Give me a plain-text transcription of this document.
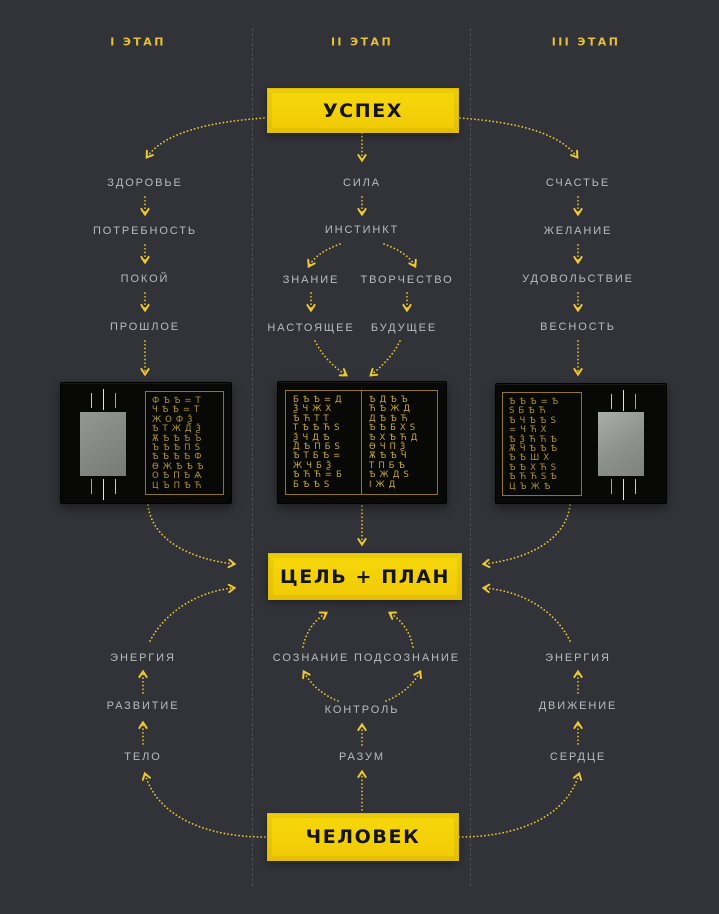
I ЭТАП	II ЭТАП	III ЭТАП
УСПЕХ
ЦЕЛЬ + ПЛАН
ЧЕЛОВЕК
ЗДОРОВЬЕ
ПОТРЕБНОСТЬ
ПОКОЙ
ПРОШЛОЕ
СИЛА
ИНСТИНКТ
ЗНАНИЕ ТВОРЧЕСТВО
НАСТОЯЩЕЕ БУДУЩЕЕ
СЧАСТЬЕ
ЖЕЛАНИЕ
УДОВОЛЬСТВИЕ
ВЕСНОСТЬ
ЭНЕРГИЯ
РАЗВИТИЕ
ТЕЛО
СОЗНАНИЕ ПОДСОЗНАНИЕ
КОНТРОЛЬ
РАЗУМ
ЭНЕРГИЯ
ДВИЖЕНИЕ
СЕРДЦЕ
ФѢѢ=Т
ЧѢѢ=Т
ЖОФѮ
ѢТЖДѮ
ѪѢѢѢЪ
ЪѢѢПЅ
ѢѢѢѢФ
ѲЖѢѢѢ
ОѢПѢѦ
ЦЪПѢЋ
БѢѢ=Д
ѮЧЖХ
ѢЋТТ
ТѢѢЋЅ
ѮЧДѢ
ДѢПБЅ
ѢТБѢ=
ЖЧБѮ
ѢЋЋ=Б
БѢѢЅ
ѢДѢЪ
ЋѢЖД
ДѢѢЋ
ѢѢБХЅ
ѢХѢЋД
ѲЧПѮ
ѪѢѢЧ
ТПБѢ
ѢЖДЅ
ІЖД
ѢѢѢ=Ѣ
ЅБѢЋ
ѢЧѢѢЅ
=ЧЋХ
ѢѮЋЋѢ
ѪЧѢѢѢ
ѢѢШХ
ѢѢХЋЅ
ѢЋЋЅѢ
ЦЪЖѢ
